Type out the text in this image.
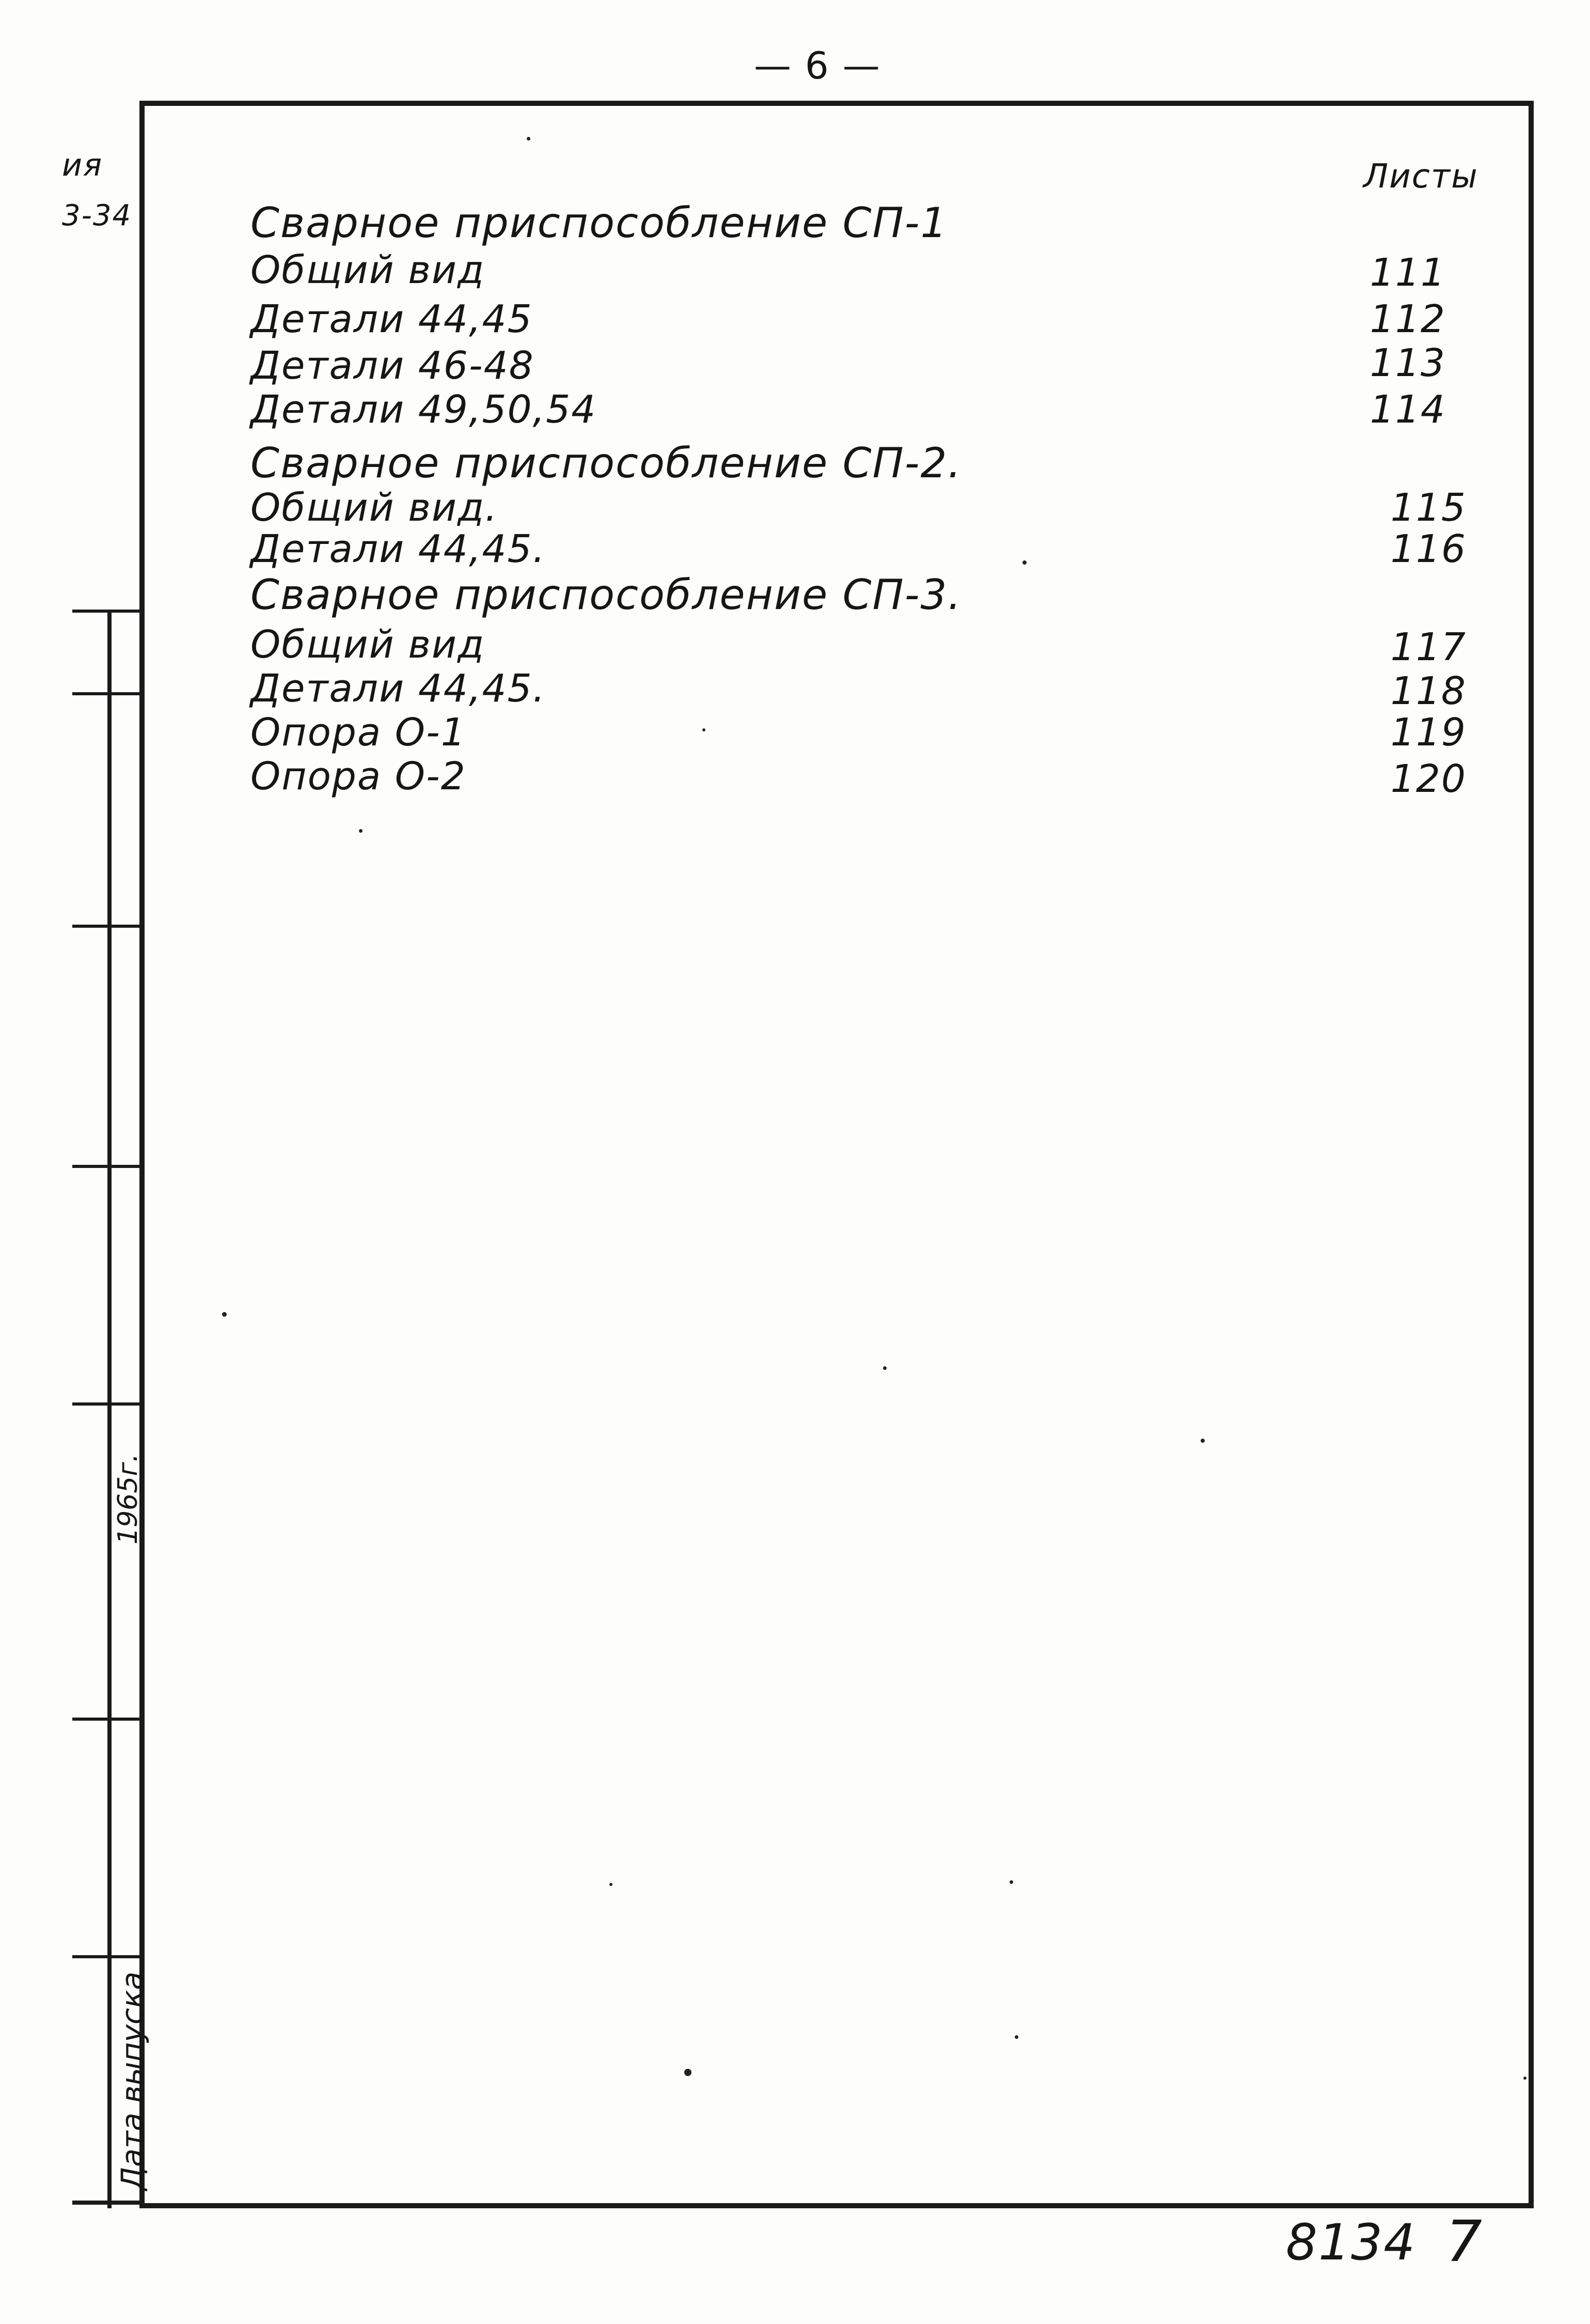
— 6 —
ия
3-34
1965г.
Дата выпуска
Листы
Сварное приспособление СП-1
Общий вид	111
Детали 44,45	112
Детали 46-48	113
Детали 49,50,54	114
Сварное приспособление СП-2.
Общий вид.	115
Детали 44,45.	116
Сварное приспособление СП-3.
Общий вид	117
Детали 44,45.	118
Опора О-1	119
Опора О-2	120
8134 7
